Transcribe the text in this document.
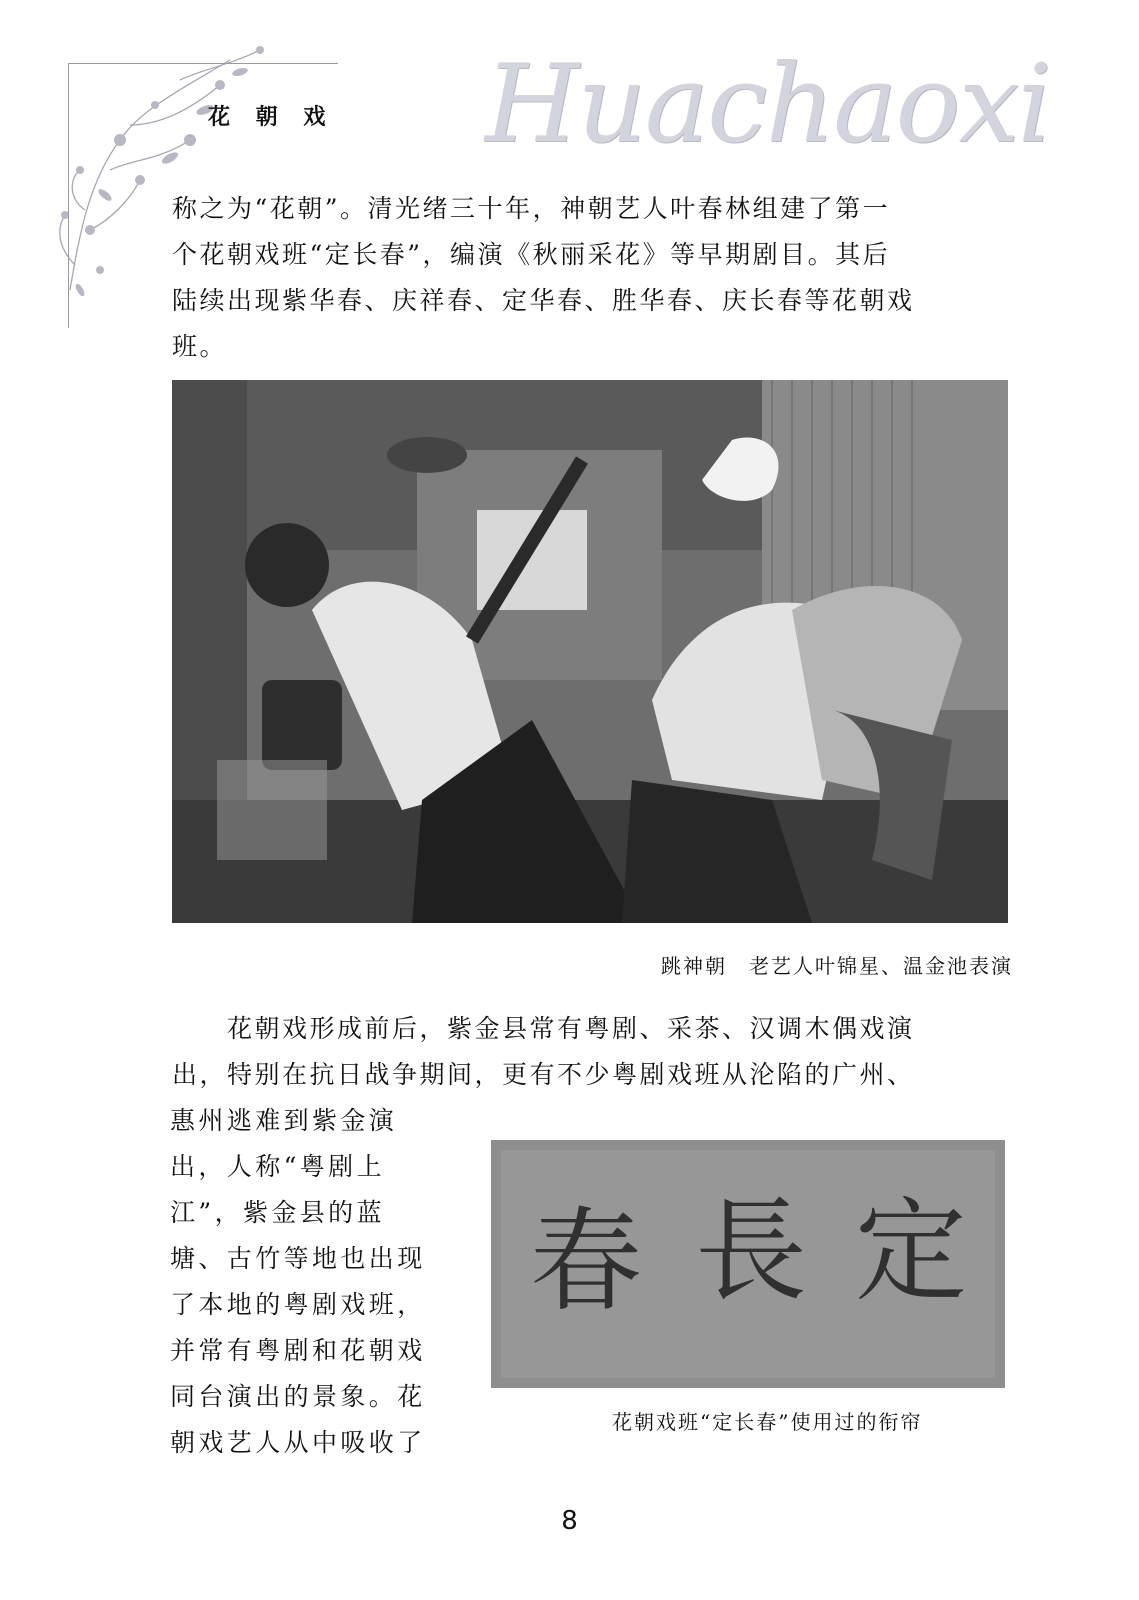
花 朝 戏 Huachaoxi
称之为“花朝”。清光绪三十年，神朝艺人叶春林组建了第一
个花朝戏班“定长春”，编演《秋丽采花》等早期剧目。其后
陆续出现紫华春、庆祥春、定华春、胜华春、庆长春等花朝戏
班。
跳神朝　老艺人叶锦星、温金池表演
　　花朝戏形成前后，紫金县常有粤剧、采茶、汉调木偶戏演
出，特别在抗日战争期间，更有不少粤剧戏班从沦陷的广州、
惠州逃难到紫金演
出，人称“粤剧上
江”，紫金县的蓝
塘、古竹等地也出现
了本地的粤剧戏班，
并常有粤剧和花朝戏
同台演出的景象。花
朝戏艺人从中吸收了
春 長 定
花朝戏班“定长春”使用过的衔帘
8
